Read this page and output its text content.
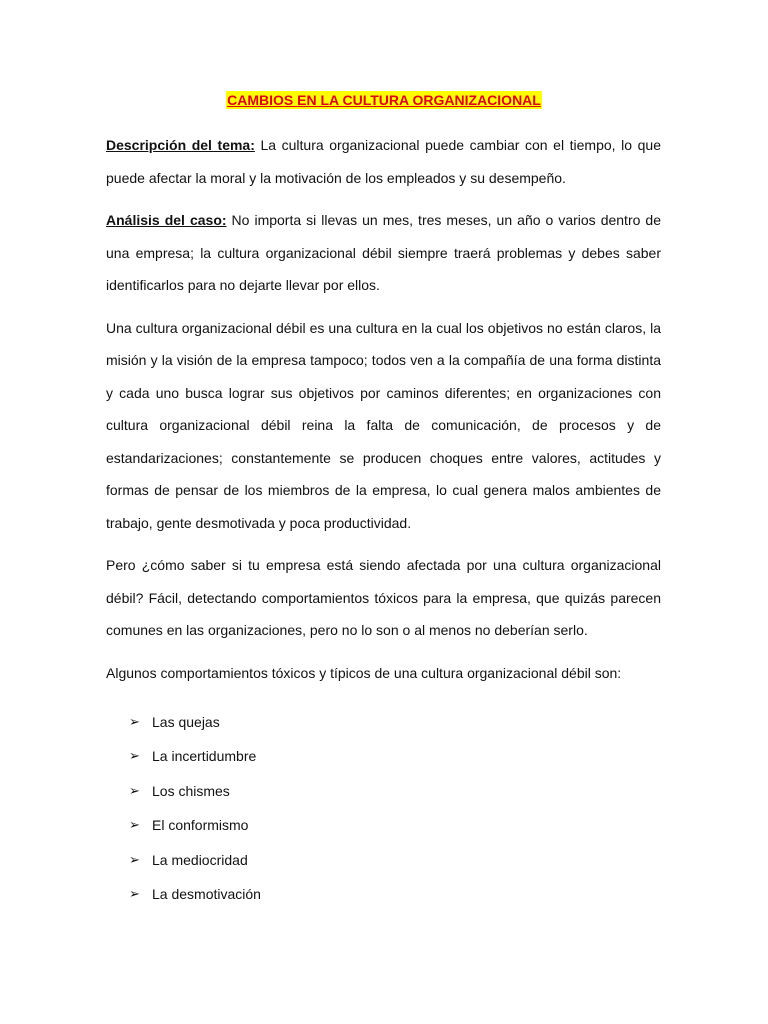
CAMBIOS EN LA CULTURA ORGANIZACIONAL

Descripción del tema: La cultura organizacional puede cambiar con el tiempo, lo que puede afectar la moral y la motivación de los empleados y su desempeño.

Análisis del caso: No importa si llevas un mes, tres meses, un año o varios dentro de una empresa; la cultura organizacional débil siempre traerá problemas y debes saber identificarlos para no dejarte llevar por ellos.

Una cultura organizacional débil es una cultura en la cual los objetivos no están claros, la misión y la visión de la empresa tampoco; todos ven a la compañía de una forma distinta y cada uno busca lograr sus objetivos por caminos diferentes; en organizaciones con cultura organizacional débil reina la falta de comunicación, de procesos y de estandarizaciones; constantemente se producen choques entre valores, actitudes y formas de pensar de los miembros de la empresa, lo cual genera malos ambientes de trabajo, gente desmotivada y poca productividad.

Pero ¿cómo saber si tu empresa está siendo afectada por una cultura organizacional débil? Fácil, detectando comportamientos tóxicos para la empresa, que quizás parecen comunes en las organizaciones, pero no lo son o al menos no deberían serlo.

Algunos comportamientos tóxicos y típicos de una cultura organizacional débil son:

➢ Las quejas
➢ La incertidumbre
➢ Los chismes
➢ El conformismo
➢ La mediocridad
➢ La desmotivación
